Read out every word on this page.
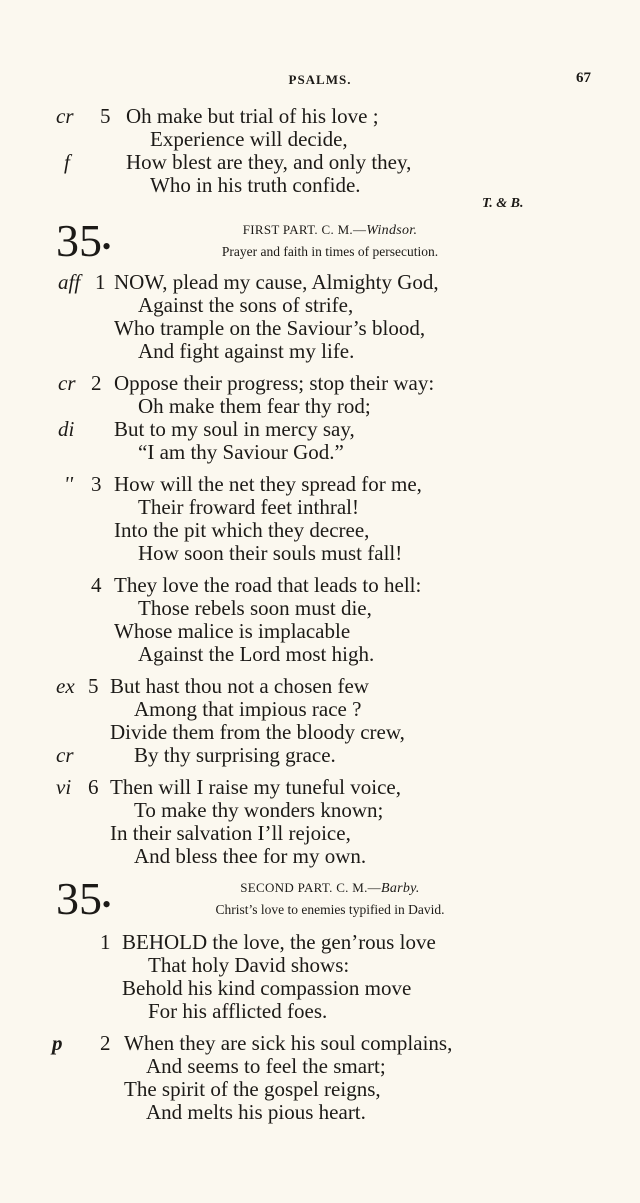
PSALMS.	67
cr 5 Oh make but trial of his love ;
Experience will decide,
f	How blest are they, and only they,
Who in his truth confide.
T. & B.
35 •
FIRST PART. C. M.—Windsor.
Prayer and faith in times of persecution.
aff 1 NOW, plead my cause, Almighty God,
Against the sons of strife,
Who trample on the Saviour’s blood,
And fight against my life.
cr 2 Oppose their progress; stop their way:
Oh make them fear thy rod;
di But to my soul in mercy say,
“I am thy Saviour God.”
'' 3 How will the net they spread for me,
Their froward feet inthral!
Into the pit which they decree,
How soon their souls must fall!
4 They love the road that leads to hell:
Those rebels soon must die,
Whose malice is implacable
Against the Lord most high.
ex 5 But hast thou not a chosen few
Among that impious race ?
Divide them from the bloody crew,
cr	By thy surprising grace.
vi 6 Then will I raise my tuneful voice,
To make thy wonders known;
In their salvation I’ll rejoice,
And bless thee for my own.
35 •
SECOND PART. C. M.—Barby.
Christ’s love to enemies typified in David.
1 BEHOLD the love, the gen’rous love
That holy David shows:
Behold his kind compassion move
For his afflicted foes.
p 2 When they are sick his soul complains,
And seems to feel the smart;
The spirit of the gospel reigns,
And melts his pious heart.
